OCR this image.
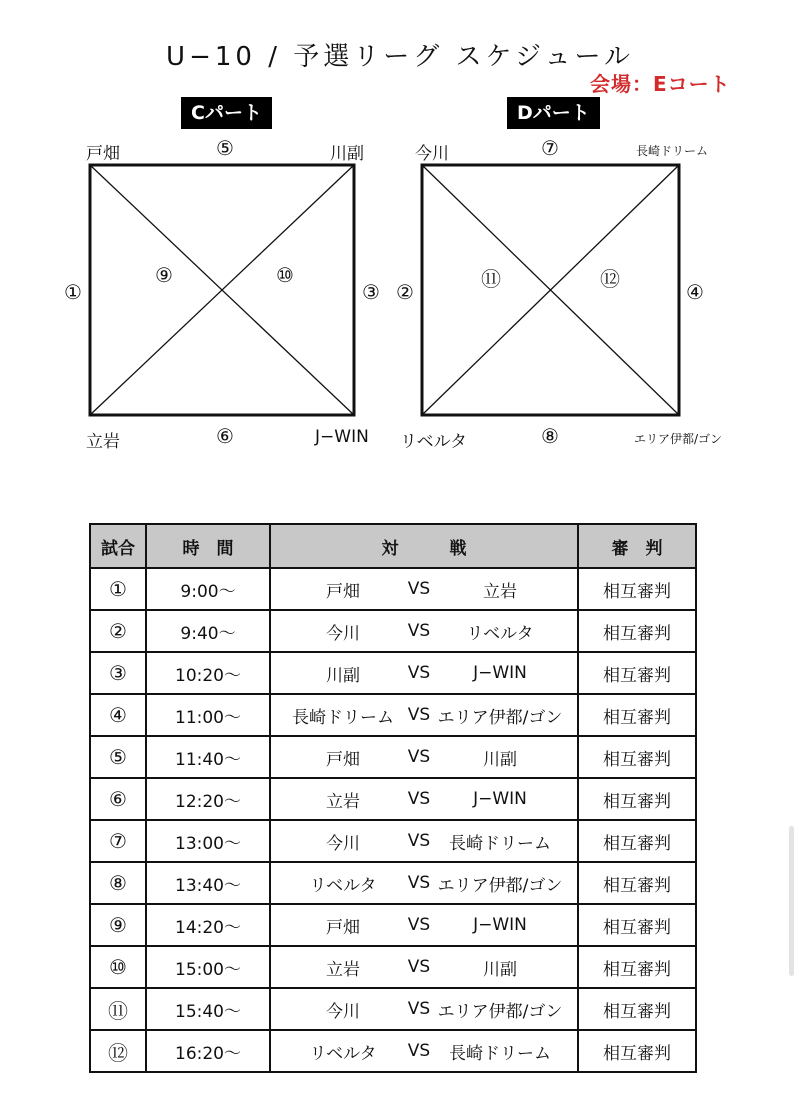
U−10 / 予選リーグ スケジュール
会場：Eコート
Cパート	Dパート
戸畑	川副
立岩	J−WIN
⑤
⑥
①	③
⑨	⑩
今川	長崎ドリーム
リベルタ	エリア伊都/ゴン
⑦
⑧
②	④
⑪	⑫
試合	時　間	対　　　戦	審　判
①	9:00〜	戸畑 VS 立岩	相互審判
②	9:40〜	今川 VS リベルタ	相互審判
③	10:20〜	川副 VS J−WIN	相互審判
④	11:00〜	長崎ドリーム VS エリア伊都/ゴン	相互審判
⑤	11:40〜	戸畑 VS 川副	相互審判
⑥	12:20〜	立岩 VS J−WIN	相互審判
⑦	13:00〜	今川 VS 長崎ドリーム	相互審判
⑧	13:40〜	リベルタ VS エリア伊都/ゴン	相互審判
⑨	14:20〜	戸畑 VS J−WIN	相互審判
⑩	15:00〜	立岩 VS 川副	相互審判
⑪	15:40〜	今川 VS エリア伊都/ゴン	相互審判
⑫	16:20〜	リベルタ VS 長崎ドリーム	相互審判
